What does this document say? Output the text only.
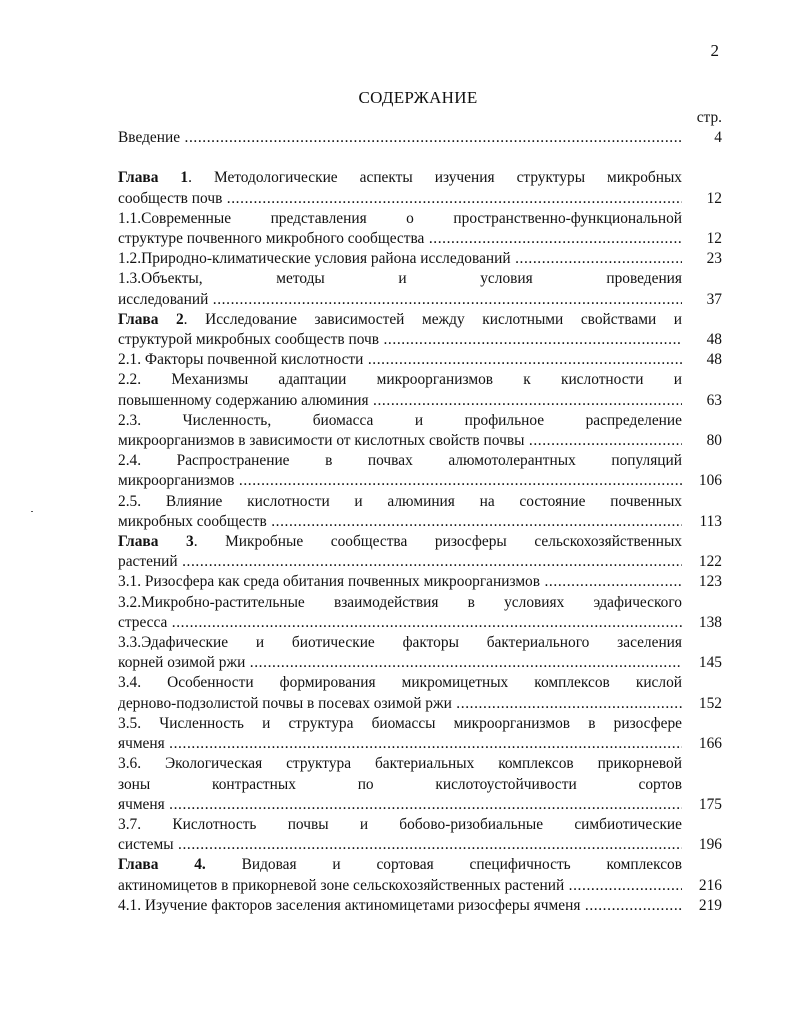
2
СОДЕРЖАНИЕ
стр.
Введение .....	4
Глава 1. Методологические аспекты изучения структуры микробных
сообществ почв .....	12
1.1.Современные представления о пространственно-функциональной
структуре почвенного микробного сообщества .....	12
1.2.Природно-климатические условия района исследований .....	23
1.3.Объекты, методы и условия проведения
исследований .....	37
Глава 2. Исследование зависимостей между кислотными свойствами и
структурой микробных сообществ почв .....	48
2.1. Факторы почвенной кислотности .....	48
2.2. Механизмы адаптации микроорганизмов к кислотности и
повышенному содержанию алюминия .....	63
2.3. Численность, биомасса и профильное распределение
микроорганизмов в зависимости от кислотных свойств почвы .....	80
2.4. Распространение в почвах алюмотолерантных популяций
микроорганизмов .....	106
2.5. Влияние кислотности и алюминия на состояние почвенных
микробных сообществ .....	113
Глава 3. Микробные сообщества ризосферы сельскохозяйственных
растений .....	122
3.1. Ризосфера как среда обитания почвенных микроорганизмов .....	123
3.2.Микробно-растительные взаимодействия в условиях эдафического
стресса .....	138
3.3.Эдафические и биотические факторы бактериального заселения
корней озимой ржи .....	145
3.4. Особенности формирования микромицетных комплексов кислой
дерново-подзолистой почвы в посевах озимой ржи .....	152
3.5. Численность и структура биомассы микроорганизмов в ризосфере
ячменя .....	166
3.6. Экологическая структура бактериальных комплексов прикорневой
зоны контрастных по кислотоустойчивости сортов
ячменя .....	175
3.7. Кислотность почвы и бобово-ризобиальные симбиотические
системы .....	196
Глава 4. Видовая и сортовая специфичность комплексов
актиномицетов в прикорневой зоне сельскохозяйственных растений .....	216
4.1. Изучение факторов заселения актиномицетами ризосферы ячменя .....	219
